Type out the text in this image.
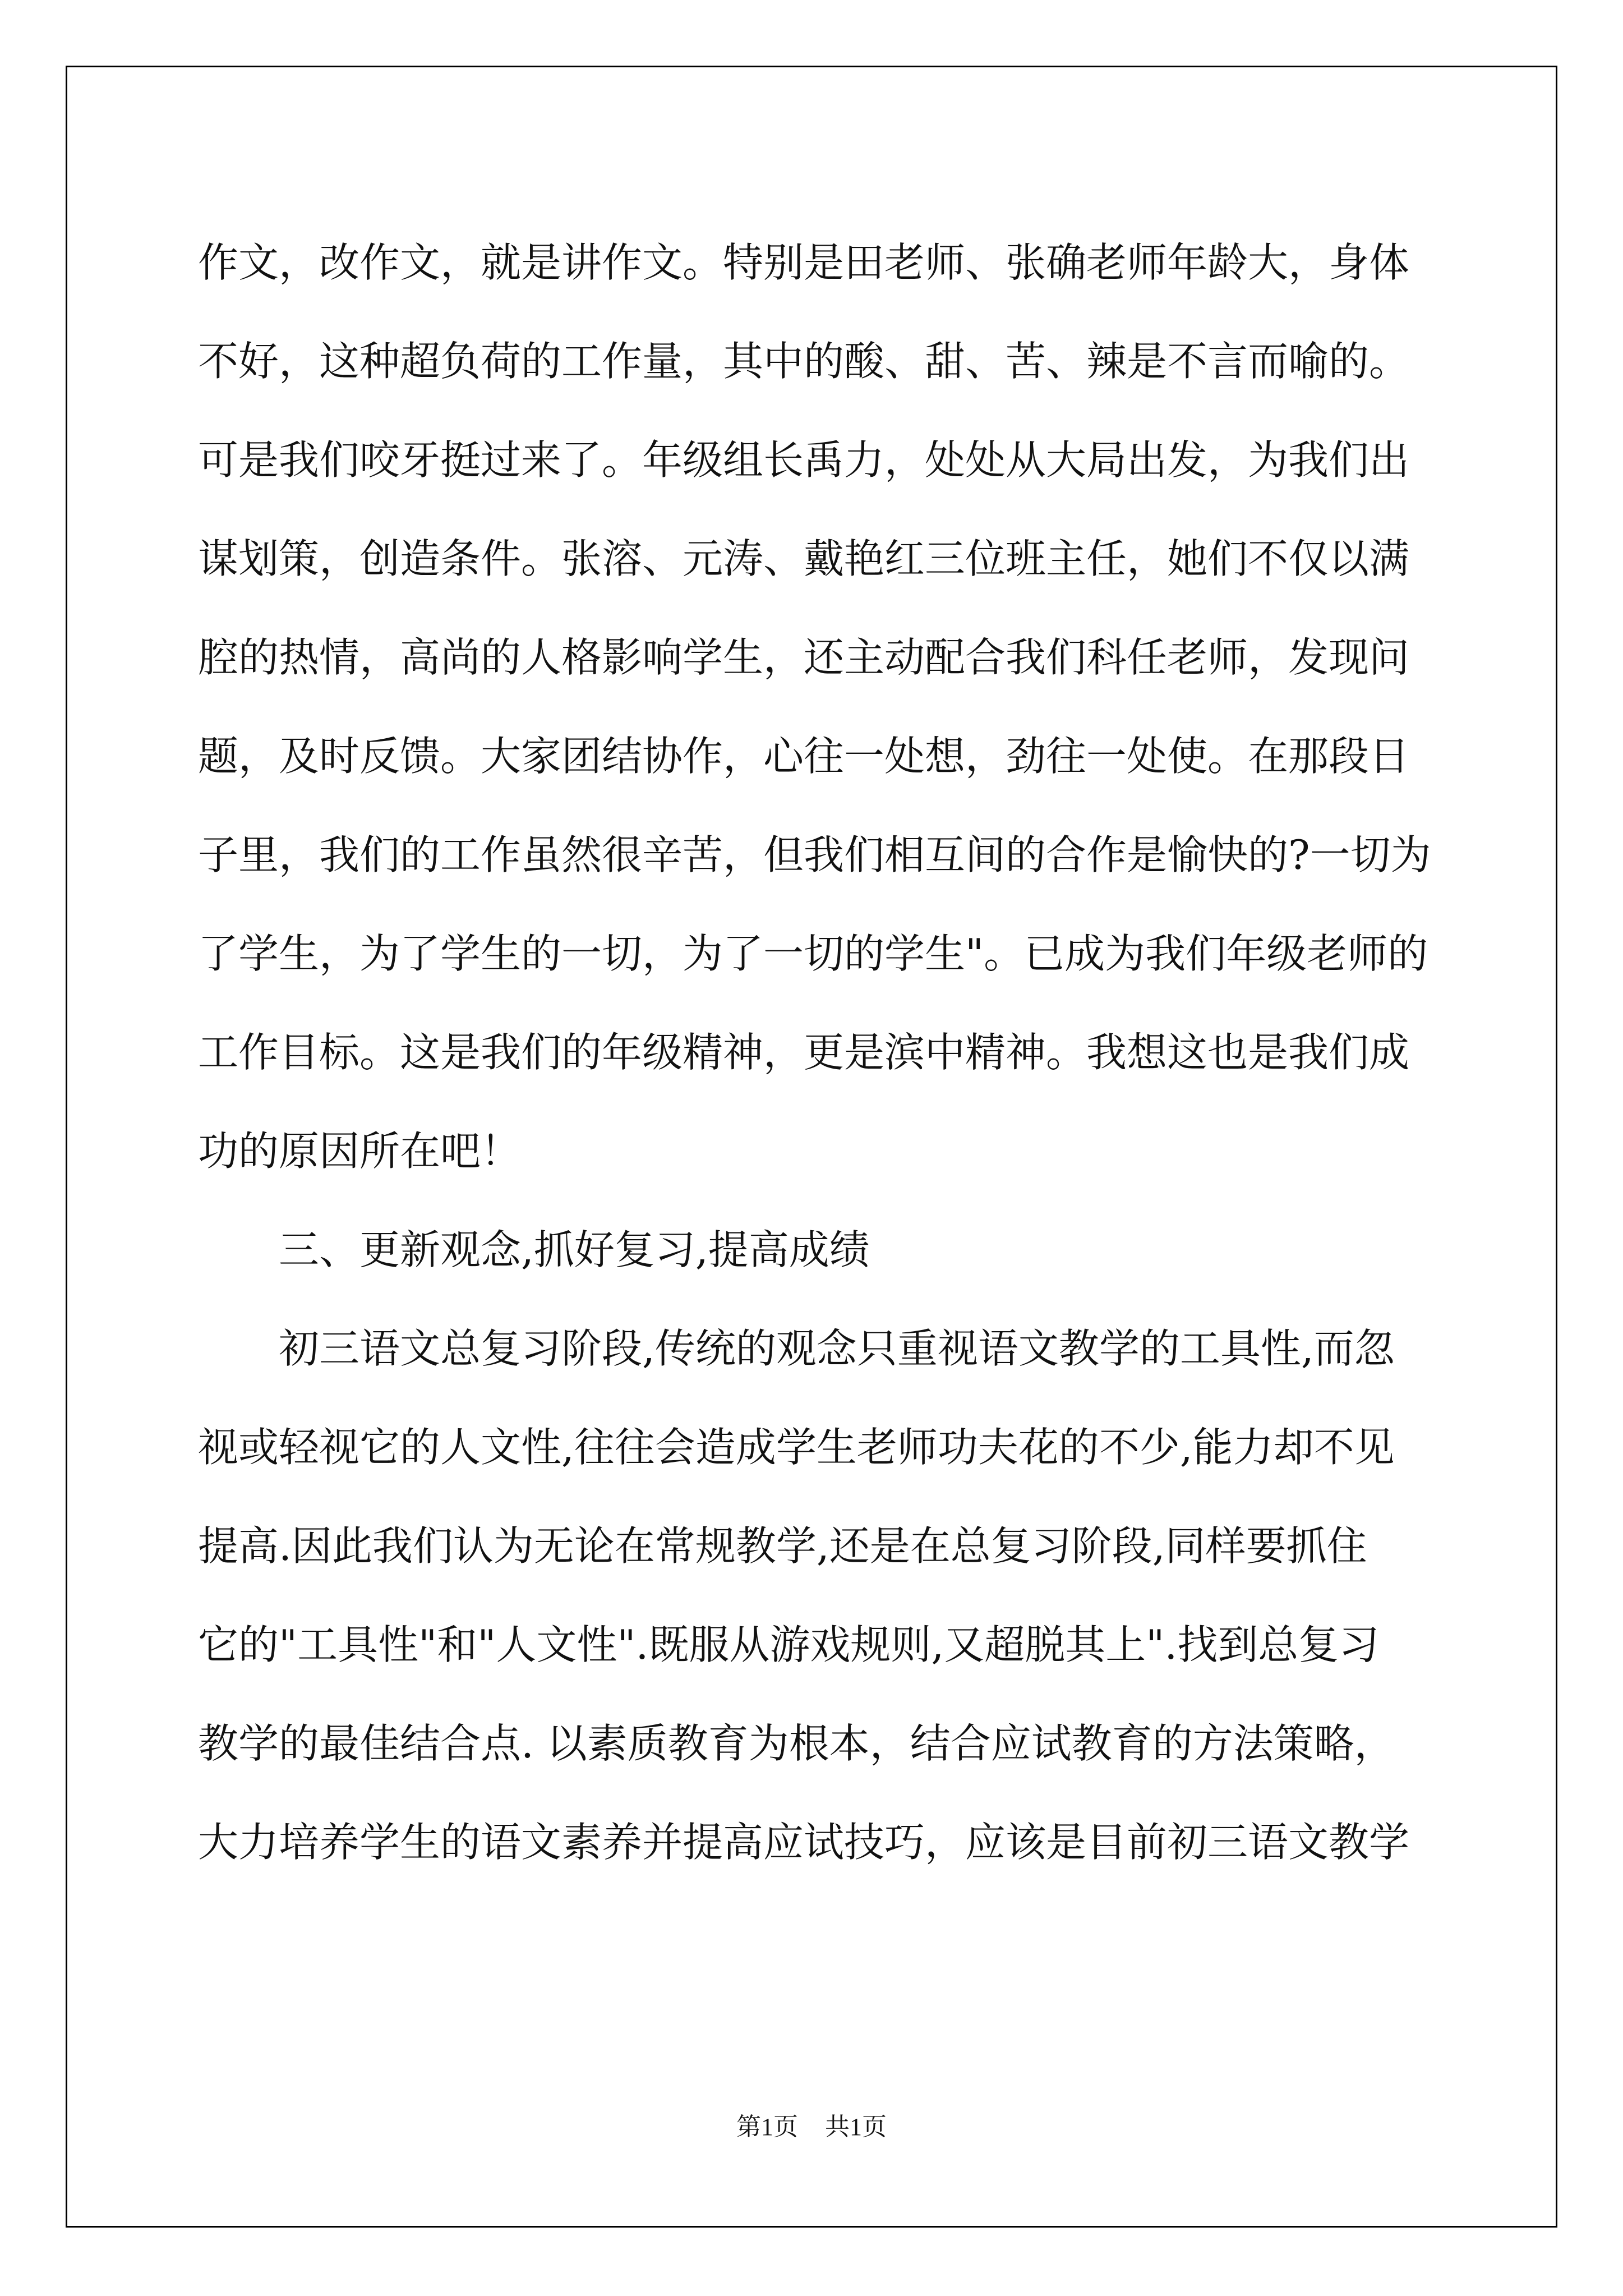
作文，改作文，就是讲作文。特别是田老师、张确老师年龄大，身体
不好，这种超负荷的工作量，其中的酸、甜、苦、辣是不言而喻的。
可是我们咬牙挺过来了。年级组长禹力，处处从大局出发，为我们出
谋划策，创造条件。张溶、元涛、戴艳红三位班主任，她们不仅以满
腔的热情，高尚的人格影响学生，还主动配合我们科任老师，发现问
题，及时反馈。大家团结协作，心往一处想，劲往一处使。在那段日
子里，我们的工作虽然很辛苦，但我们相互间的合作是愉快的?一切为
了学生，为了学生的一切，为了一切的学生"。已成为我们年级老师的
工作目标。这是我们的年级精神，更是滨中精神。我想这也是我们成
功的原因所在吧！
三、更新观念,抓好复习,提高成绩
初三语文总复习阶段,传统的观念只重视语文教学的工具性,而忽
视或轻视它的人文性,往往会造成学生老师功夫花的不少,能力却不见
提高.因此我们认为无论在常规教学,还是在总复习阶段,同样要抓住
它的"工具性"和"人文性".既服从游戏规则,又超脱其上".找到总复习
教学的最佳结合点. 以素质教育为根本，结合应试教育的方法策略，
大力培养学生的语文素养并提高应试技巧，应该是目前初三语文教学
第1页 共1页
